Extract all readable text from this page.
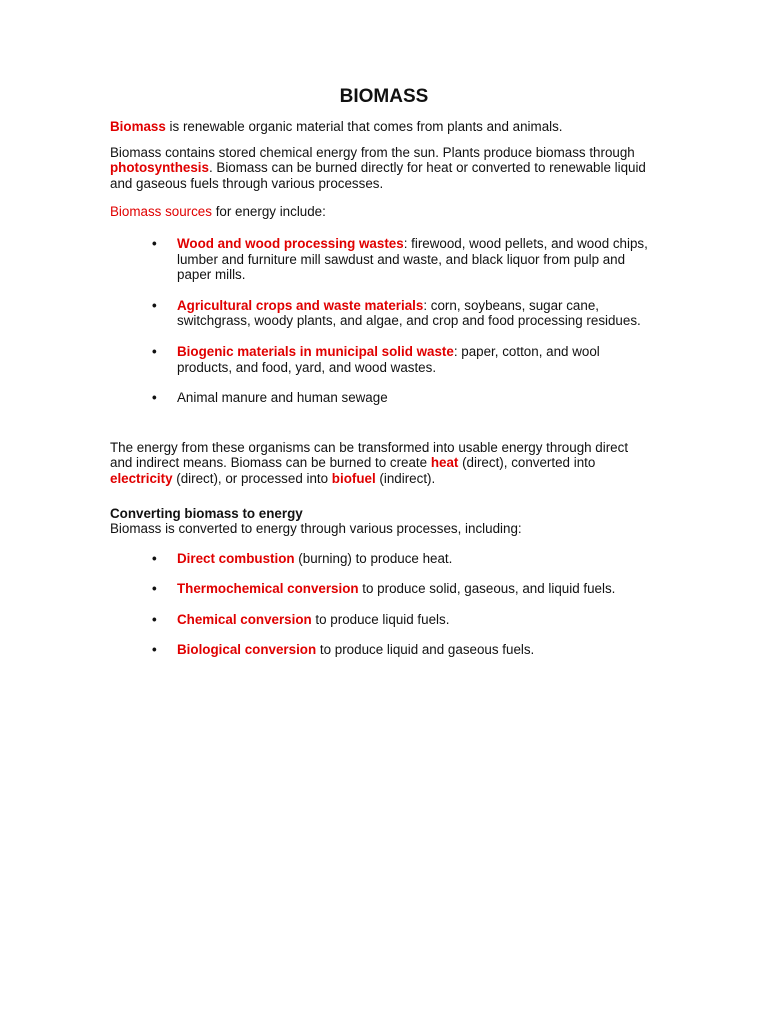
BIOMASS

Biomass is renewable organic material that comes from plants and animals.

Biomass contains stored chemical energy from the sun. Plants produce biomass through photosynthesis. Biomass can be burned directly for heat or converted to renewable liquid and gaseous fuels through various processes.

Biomass sources for energy include:

• Wood and wood processing wastes: firewood, wood pellets, and wood chips, lumber and furniture mill sawdust and waste, and black liquor from pulp and paper mills.
• Agricultural crops and waste materials: corn, soybeans, sugar cane, switchgrass, woody plants, and algae, and crop and food processing residues.
• Biogenic materials in municipal solid waste: paper, cotton, and wool products, and food, yard, and wood wastes.
• Animal manure and human sewage

The energy from these organisms can be transformed into usable energy through direct and indirect means. Biomass can be burned to create heat (direct), converted into electricity (direct), or processed into biofuel (indirect).

Converting biomass to energy

Biomass is converted to energy through various processes, including:

• Direct combustion (burning) to produce heat.
• Thermochemical conversion to produce solid, gaseous, and liquid fuels.
• Chemical conversion to produce liquid fuels.
• Biological conversion to produce liquid and gaseous fuels.
